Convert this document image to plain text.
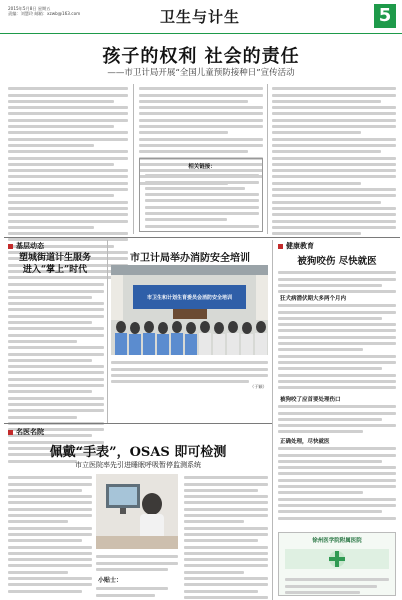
2015年5月8日 星期五
责编：刘慧玲 邮箱：xzwb@163.com	卫生与计生	5
孩子的权利 社会的责任
——市卫计局开展“全国儿童预防接种日”宣传活动
相关链接：
基层动态
塑城街道计生服务
进入“掌上”时代
市卫计局举办消防安全培训
市卫生和计划生育委员会消防安全培训
（于颖）
健康教育
被狗咬伤 尽快就医
狂犬病潜伏期大多两个月内
被狗咬了应首要处理伤口
正确处理，尽快就医
徐州医学院附属医院
名医名院
佩戴“手表”，OSAS 即可检测
市立医院率先引进睡眠呼吸暂停监测系统
小贴士：
